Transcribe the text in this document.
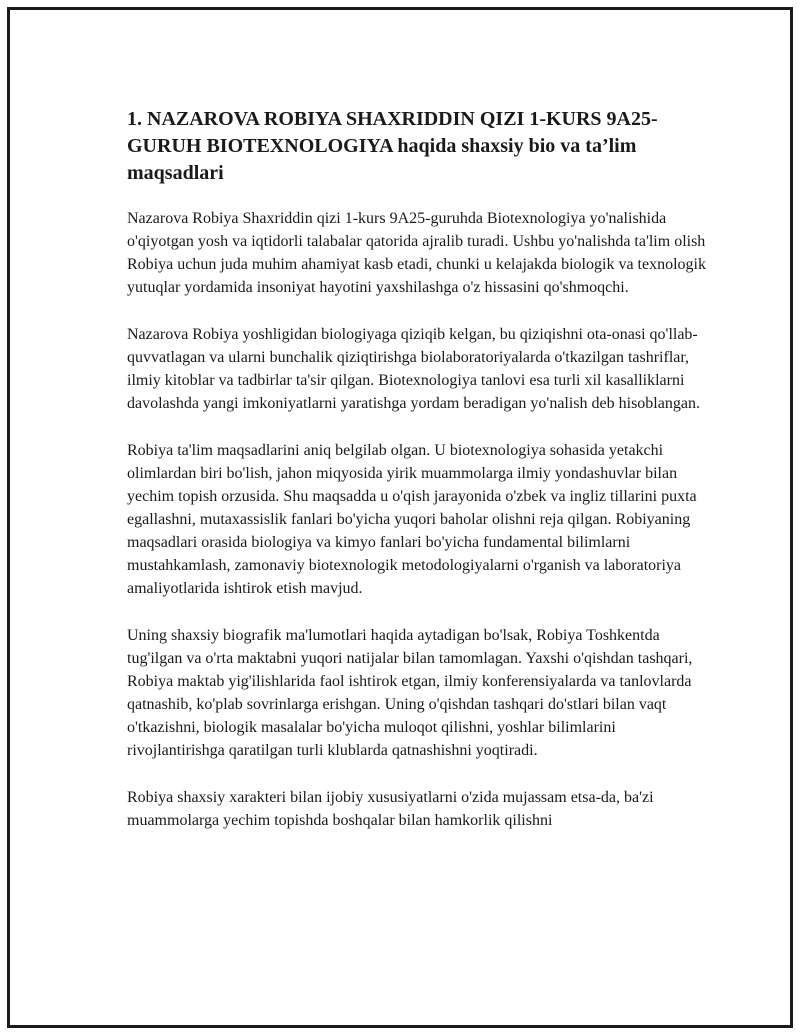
1. NAZAROVA ROBIYA SHAXRIDDIN QIZI 1-KURS 9A25-GURUH BIOTEXNOLOGIYA haqida shaxsiy bio va ta’lim maqsadlari

Nazarova Robiya Shaxriddin qizi 1-kurs 9A25-guruhda Biotexnologiya yo'nalishida o'qiyotgan yosh va iqtidorli talabalar qatorida ajralib turadi. Ushbu yo'nalishda ta'lim olish Robiya uchun juda muhim ahamiyat kasb etadi, chunki u kelajakda biologik va texnologik yutuqlar yordamida insoniyat hayotini yaxshilashga o'z hissasini qo'shmoqchi.

Nazarova Robiya yoshligidan biologiyaga qiziqib kelgan, bu qiziqishni ota-onasi qo'llab-quvvatlagan va ularni bunchalik qiziqtirishga biolaboratoriyalarda o'tkazilgan tashriflar, ilmiy kitoblar va tadbirlar ta'sir qilgan. Biotexnologiya tanlovi esa turli xil kasalliklarni davolashda yangi imkoniyatlarni yaratishga yordam beradigan yo'nalish deb hisoblangan.

Robiya ta'lim maqsadlarini aniq belgilab olgan. U biotexnologiya sohasida yetakchi olimlardan biri bo'lish, jahon miqyosida yirik muammolarga ilmiy yondashuvlar bilan yechim topish orzusida. Shu maqsadda u o'qish jarayonida o'zbek va ingliz tillarini puxta egallashni, mutaxassislik fanlari bo'yicha yuqori baholar olishni reja qilgan. Robiyaning maqsadlari orasida biologiya va kimyo fanlari bo'yicha fundamental bilimlarni mustahkamlash, zamonaviy biotexnologik metodologiyalarni o'rganish va laboratoriya amaliyotlarida ishtirok etish mavjud.

Uning shaxsiy biografik ma'lumotlari haqida aytadigan bo'lsak, Robiya Toshkentda tug'ilgan va o'rta maktabni yuqori natijalar bilan tamomlagan. Yaxshi o'qishdan tashqari, Robiya maktab yig'ilishlarida faol ishtirok etgan, ilmiy konferensiyalarda va tanlovlarda qatnashib, ko'plab sovrinlarga erishgan. Uning o'qishdan tashqari do'stlari bilan vaqt o'tkazishni, biologik masalalar bo'yicha muloqot qilishni, yoshlar bilimlarini rivojlantirishga qaratilgan turli klublarda qatnashishni yoqtiradi.

Robiya shaxsiy xarakteri bilan ijobiy xususiyatlarni o'zida mujassam etsa-da, ba'zi muammolarga yechim topishda boshqalar bilan hamkorlik qilishni
